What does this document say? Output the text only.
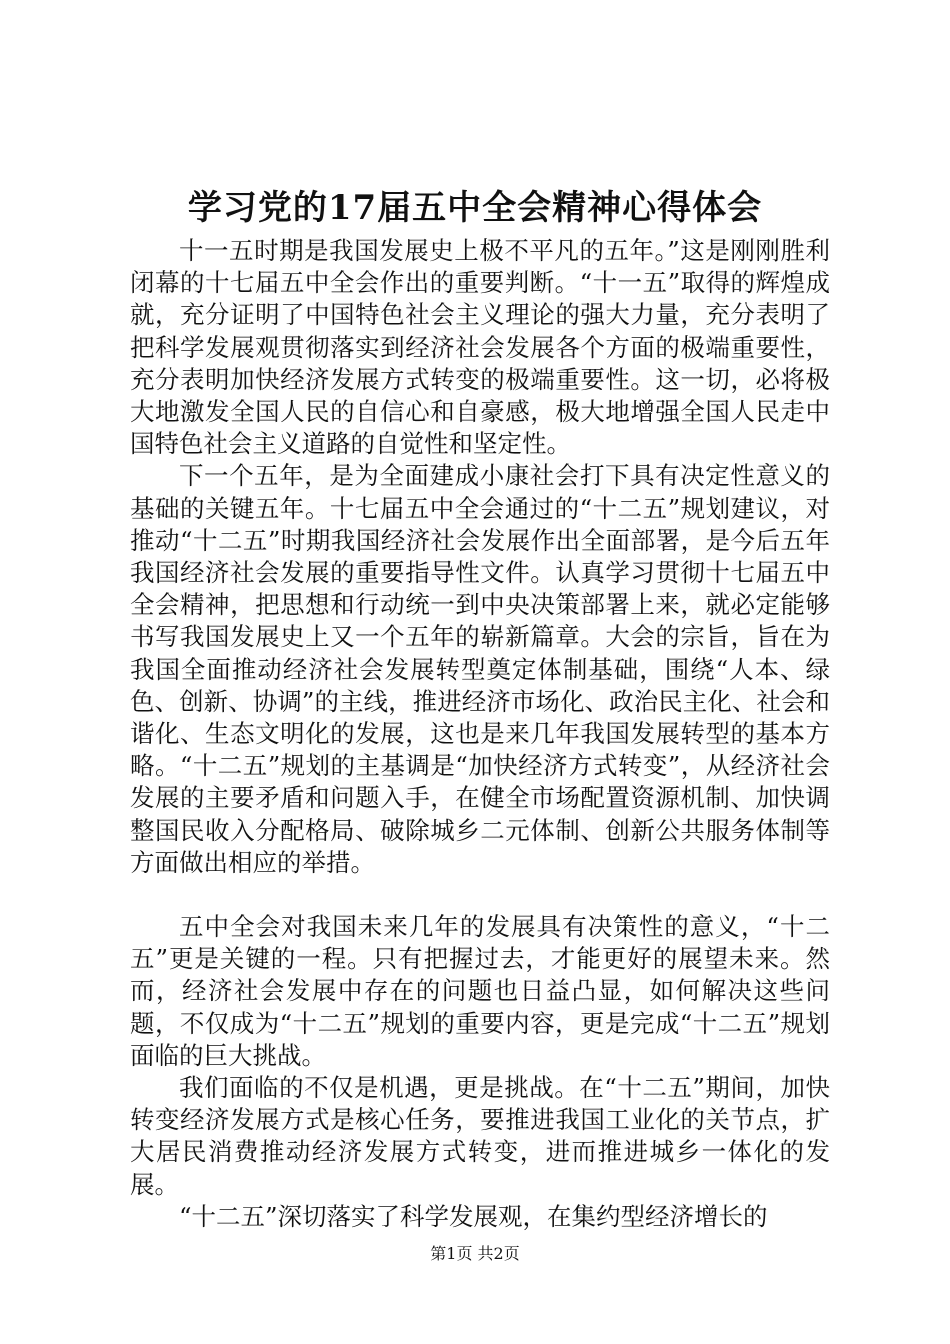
学习党的17届五中全会精神心得体会

十一五时期是我国发展史上极不平凡的五年。”这是刚刚胜利闭幕的十七届五中全会作出的重要判断。“十一五”取得的辉煌成就，充分证明了中国特色社会主义理论的强大力量，充分表明了把科学发展观贯彻落实到经济社会发展各个方面的极端重要性，充分表明加快经济发展方式转变的极端重要性。这一切，必将极大地激发全国人民的自信心和自豪感，极大地增强全国人民走中国特色社会主义道路的自觉性和坚定性。

下一个五年，是为全面建成小康社会打下具有决定性意义的基础的关键五年。十七届五中全会通过的“十二五”规划建议，对推动“十二五”时期我国经济社会发展作出全面部署，是今后五年我国经济社会发展的重要指导性文件。认真学习贯彻十七届五中全会精神，把思想和行动统一到中央决策部署上来，就必定能够书写我国发展史上又一个五年的崭新篇章。大会的宗旨，旨在为我国全面推动经济社会发展转型奠定体制基础，围绕“人本、绿色、创新、协调”的主线，推进经济市场化、政治民主化、社会和谐化、生态文明化的发展，这也是来几年我国发展转型的基本方略。“十二五”规划的主基调是“加快经济方式转变”，从经济社会发展的主要矛盾和问题入手，在健全市场配置资源机制、加快调整国民收入分配格局、破除城乡二元体制、创新公共服务体制等方面做出相应的举措。

五中全会对我国未来几年的发展具有决策性的意义，“十二五”更是关键的一程。只有把握过去，才能更好的展望未来。然而，经济社会发展中存在的问题也日益凸显，如何解决这些问题，不仅成为“十二五”规划的重要内容，更是完成“十二五”规划面临的巨大挑战。

我们面临的不仅是机遇，更是挑战。在“十二五”期间，加快转变经济发展方式是核心任务，要推进我国工业化的关节点，扩大居民消费推动经济发展方式转变，进而推进城乡一体化的发展。

“十二五”深切落实了科学发展观，在集约型经济增长的

第1页 共2页
